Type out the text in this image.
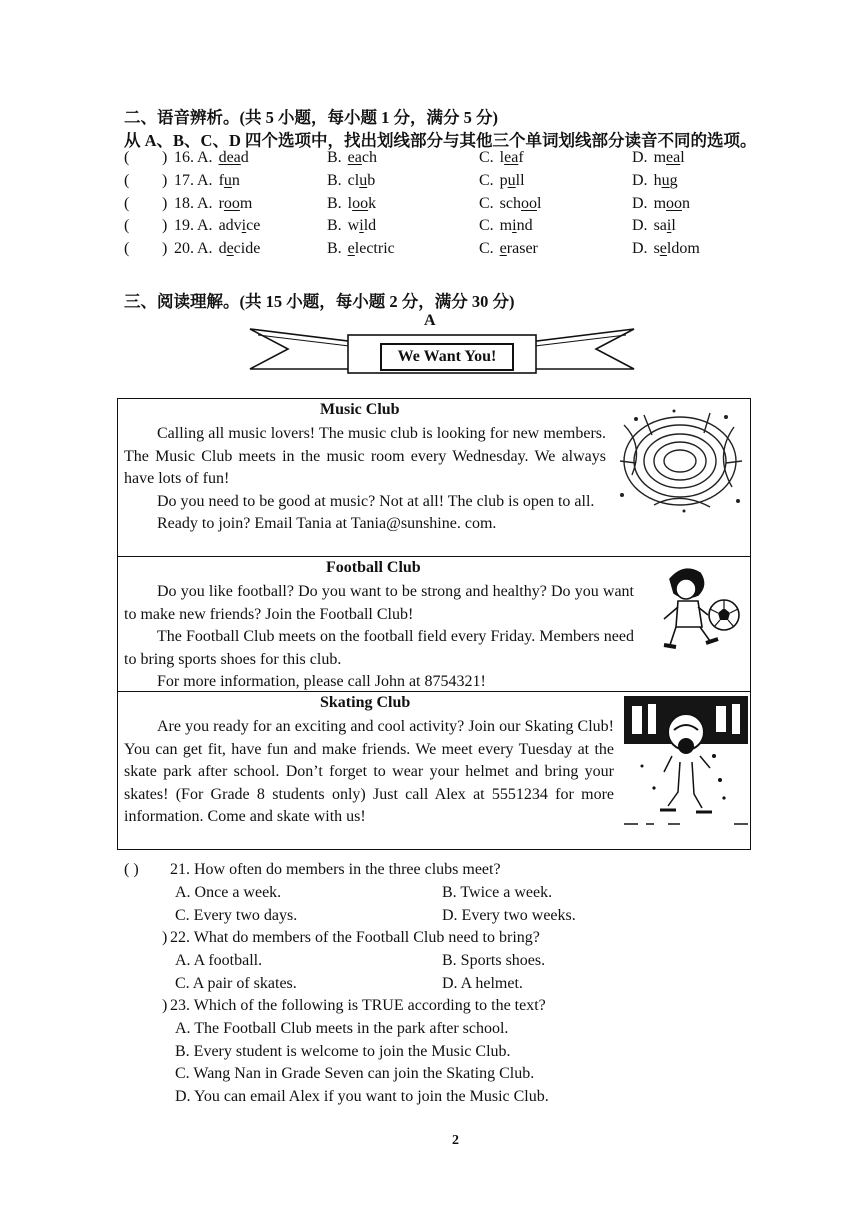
二、语音辨析。(共 5 小题，每小题 1 分，满分 5 分)
从 A、B、C、D 四个选项中，找出划线部分与其他三个单词划线部分读音不同的选项。
( ) 16. A. dead	B. each	C. leaf	D. meal
( ) 17. A. fun	B. club	C. pull	D. hug
( ) 18. A. room	B. look	C. school	D. moon
( ) 19. A. advice	B. wild	C. mind	D. sail
( ) 20. A. decide	B. electric	C. eraser	D. seldom
三、阅读理解。(共 15 小题，每小题 2 分，满分 30 分)
A
We Want You!
Music Club

Calling all music lovers! The music club is looking for new members. The Music Club meets in the music room every Wednesday. We always have lots of fun!

Do you need to be good at music? Not at all! The club is open to all.

Ready to join? Email Tania at Tania@sunshine. com.

Football Club

Do you like football? Do you want to be strong and healthy? Do you want to make new friends? Join the Football Club!

The Football Club meets on the football field every Friday. Members need to bring sports shoes for this club.

For more information, please call John at 8754321!

Skating Club

Are you ready for an exciting and cool activity? Join our Skating Club! You can get fit, have fun and make friends. We meet every Tuesday at the skate park after school. Don’t forget to wear your helmet and bring your skates! (For Grade 8 students only) Just call Alex at 5551234 for more information. Come and skate with us!

( ) 21. How often do members in the three clubs meet?
A. Once a week.	B. Twice a week.
C. Every two days.	D. Every two weeks.
) 22. What do members of the Football Club need to bring?
A. A football.	B. Sports shoes.
C. A pair of skates.	D. A helmet.
) 23. Which of the following is TRUE according to the text?
A. The Football Club meets in the park after school.
B. Every student is welcome to join the Music Club.
C. Wang Nan in Grade Seven can join the Skating Club.
D. You can email Alex if you want to join the Music Club.
2
